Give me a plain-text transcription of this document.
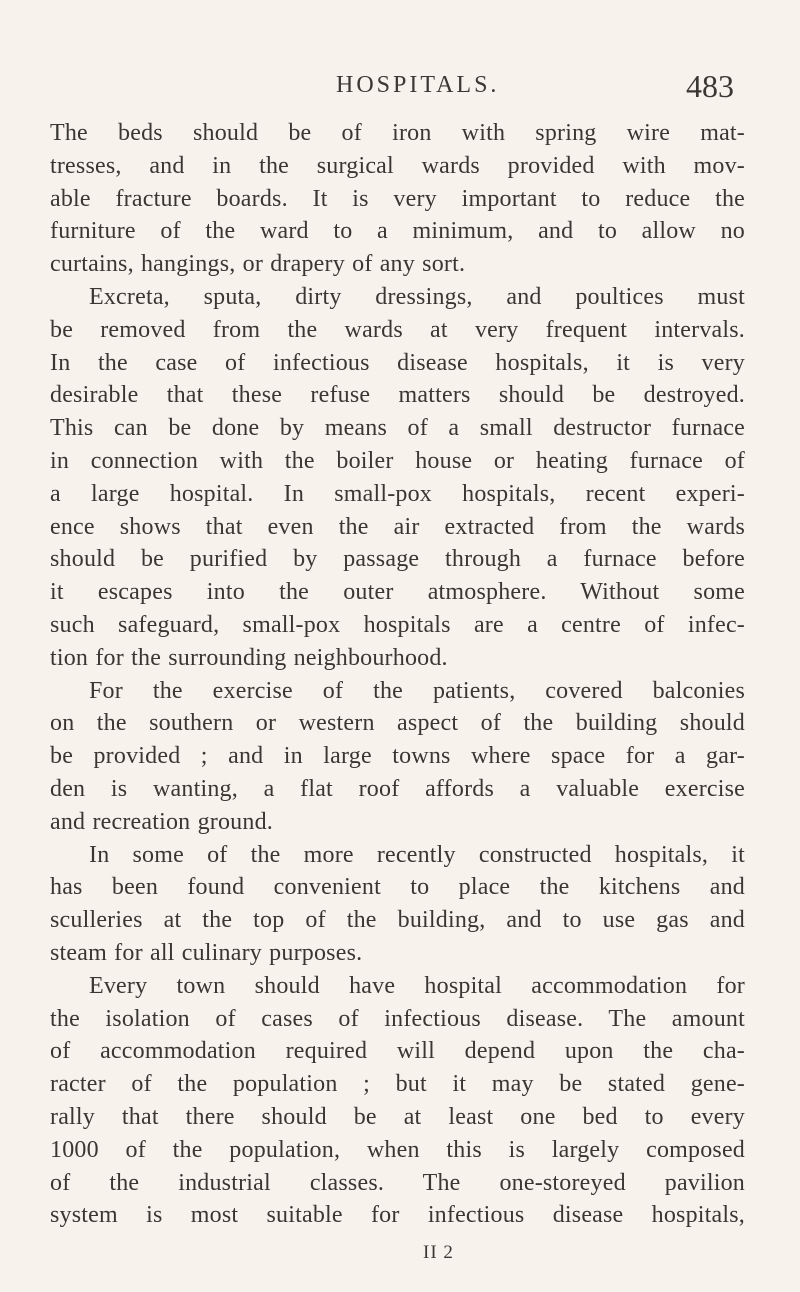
HOSPITALS.	483
The beds should be of iron with spring wire mat-
tresses, and in the surgical wards provided with mov-
able fracture boards. It is very important to reduce the
furniture of the ward to a minimum, and to allow no
curtains, hangings, or drapery of any sort.
Excreta, sputa, dirty dressings, and poultices must
be removed from the wards at very frequent intervals.
In the case of infectious disease hospitals, it is very
desirable that these refuse matters should be destroyed.
This can be done by means of a small destructor furnace
in connection with the boiler house or heating furnace of
a large hospital. In small-pox hospitals, recent experi-
ence shows that even the air extracted from the wards
should be purified by passage through a furnace before
it escapes into the outer atmosphere. Without some
such safeguard, small-pox hospitals are a centre of infec-
tion for the surrounding neighbourhood.
For the exercise of the patients, covered balconies
on the southern or western aspect of the building should
be provided ; and in large towns where space for a gar-
den is wanting, a flat roof affords a valuable exercise
and recreation ground.
In some of the more recently constructed hospitals, it
has been found convenient to place the kitchens and
sculleries at the top of the building, and to use gas and
steam for all culinary purposes.
Every town should have hospital accommodation for
the isolation of cases of infectious disease. The amount
of accommodation required will depend upon the cha-
racter of the population ; but it may be stated gene-
rally that there should be at least one bed to every
1000 of the population, when this is largely composed
of the industrial classes. The one-storeyed pavilion
system is most suitable for infectious disease hospitals,
II 2
